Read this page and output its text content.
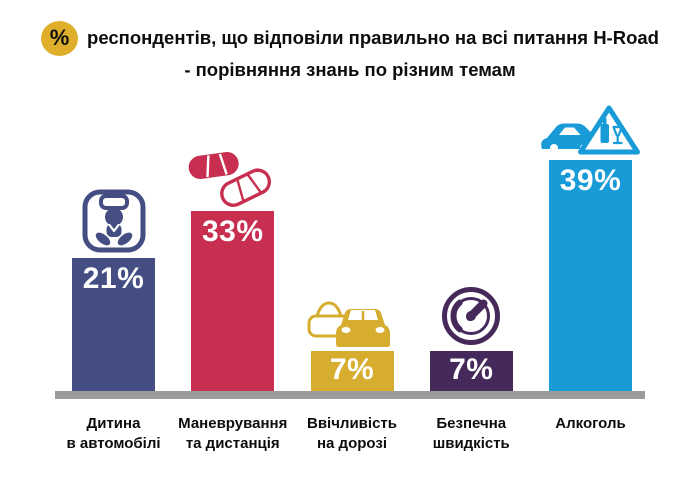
% респондентів, що відповіли правильно на всі питання H-Road
- порівняння знань по різним темам
21%
33%
7% 7%
39%
Дитина
в автомобілі
Маневрування
та дистанція
Ввічливість
на дорозі
Безпечна
швидкість
Алкоголь
